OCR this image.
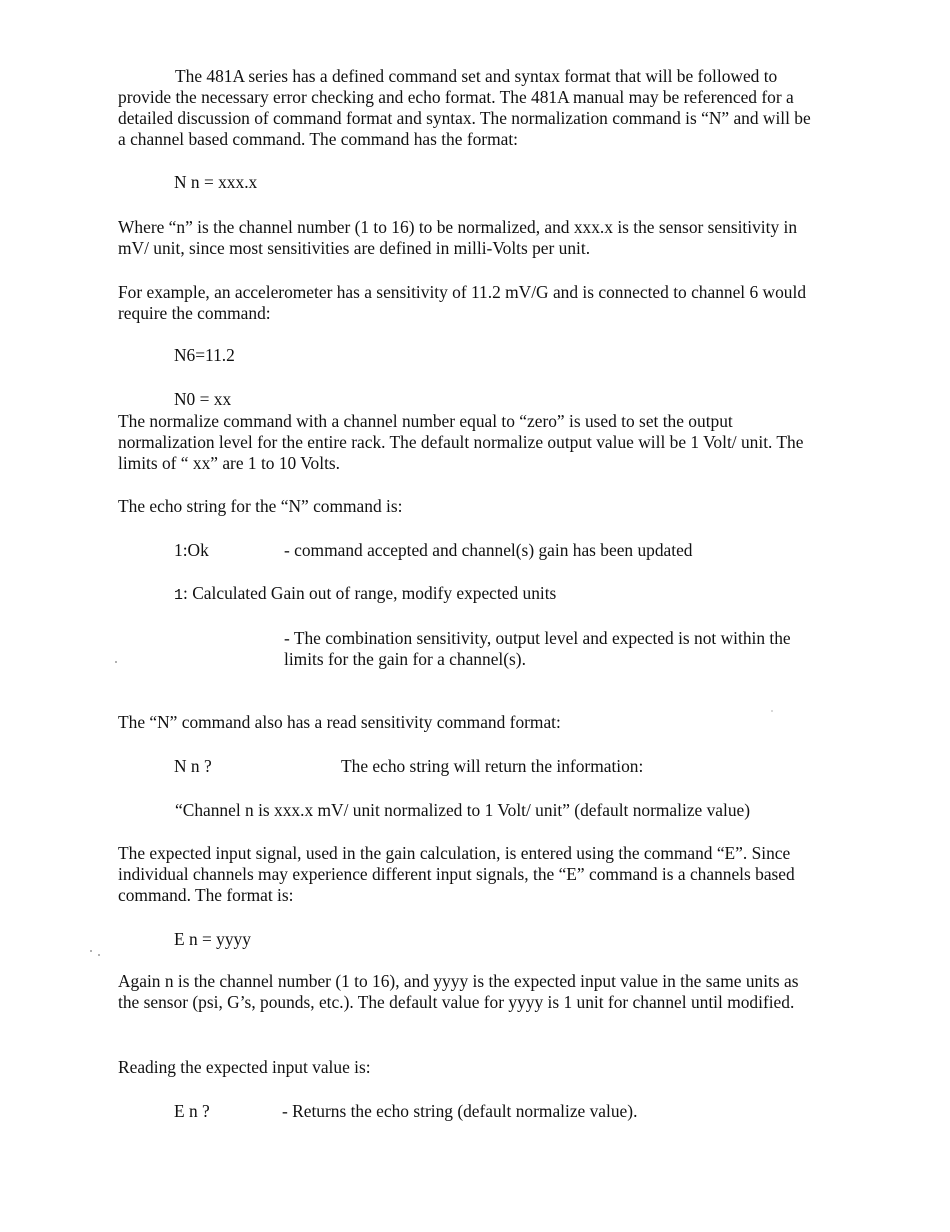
The 481A series has a defined command set and syntax format that will be followed to provide the necessary error checking and echo format. The 481A manual may be referenced for a detailed discussion of command format and syntax. The normalization command is “N” and will be a channel based command. The command has the format:

N n = xxx.x

Where “n” is the channel number (1 to 16) to be normalized, and xxx.x is the sensor sensitivity in mV/ unit, since most sensitivities are defined in milli-Volts per unit.

For example, an accelerometer has a sensitivity of 11.2 mV/G and is connected to channel 6 would require the command:

N6=11.2
N0 = xx

The normalize command with a channel number equal to “zero” is used to set the output normalization level for the entire rack. The default normalize output value will be 1 Volt/ unit. The limits of “ xx” are 1 to 10 Volts.

The echo string for the “N” command is:

1:Ok	- command accepted and channel(s) gain has been updated
1: Calculated Gain out of range, modify expected units
- The combination sensitivity, output level and expected is not within the limits for the gain for a channel(s).

The “N” command also has a read sensitivity command format:

N n ?	The echo string will return the information:
“Channel n is xxx.x mV/ unit normalized to 1 Volt/ unit” (default normalize value)

The expected input signal, used in the gain calculation, is entered using the command “E”. Since individual channels may experience different input signals, the “E” command is a channels based command. The format is:

E n = yyyy

Again n is the channel number (1 to 16), and yyyy is the expected input value in the same units as the sensor (psi, G’s, pounds, etc.). The default value for yyyy is 1 unit for channel until modified.

Reading the expected input value is:

E n ?	- Returns the echo string (default normalize value).
